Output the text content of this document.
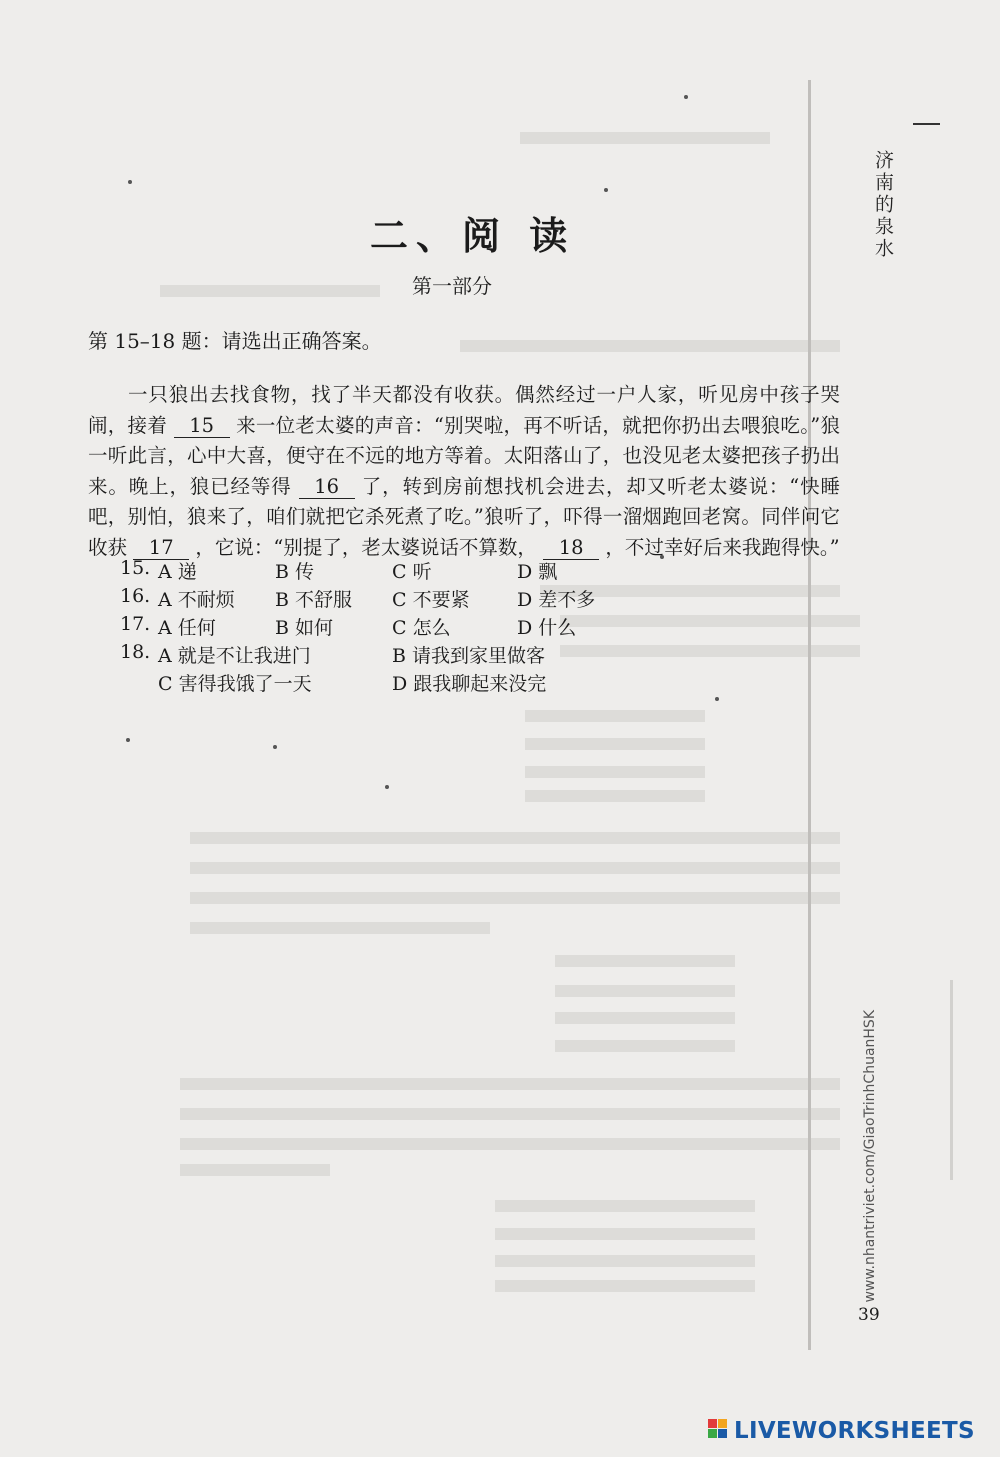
济南的泉水
二、阅 读
第一部分
第 15–18 题：请选出正确答案。
一只狼出去找食物，找了半天都没有收获。偶然经过一户人家，听见房中孩子哭闹，接着 15 来一位老太婆的声音：“别哭啦，再不听话，就把你扔出去喂狼吃。”狼一听此言，心中大喜，便守在不远的地方等着。太阳落山了，也没见老太婆把孩子扔出来。晚上，狼已经等得 16 了，转到房前想找机会进去，却又听老太婆说：“快睡吧，别怕，狼来了，咱们就把它杀死煮了吃。”狼听了，吓得一溜烟跑回老窝。同伴问它收获 17 ，它说：“别提了，老太婆说话不算数， 18 ，不过幸好后来我跑得快。”
15. A 递	B 传	C 听	D 飘
16. A 不耐烦 B 不舒服 C 不要紧 D 差不多
17. A 任何	B 如何	C 怎么	D 什么
18. A 就是不让我进门	B 请我到家里做客
C 害得我饿了一天	D 跟我聊起来没完
www.nhantriviet.com/GiaoTrinhChuanHSK
39
LIVEWORKSHEETS
